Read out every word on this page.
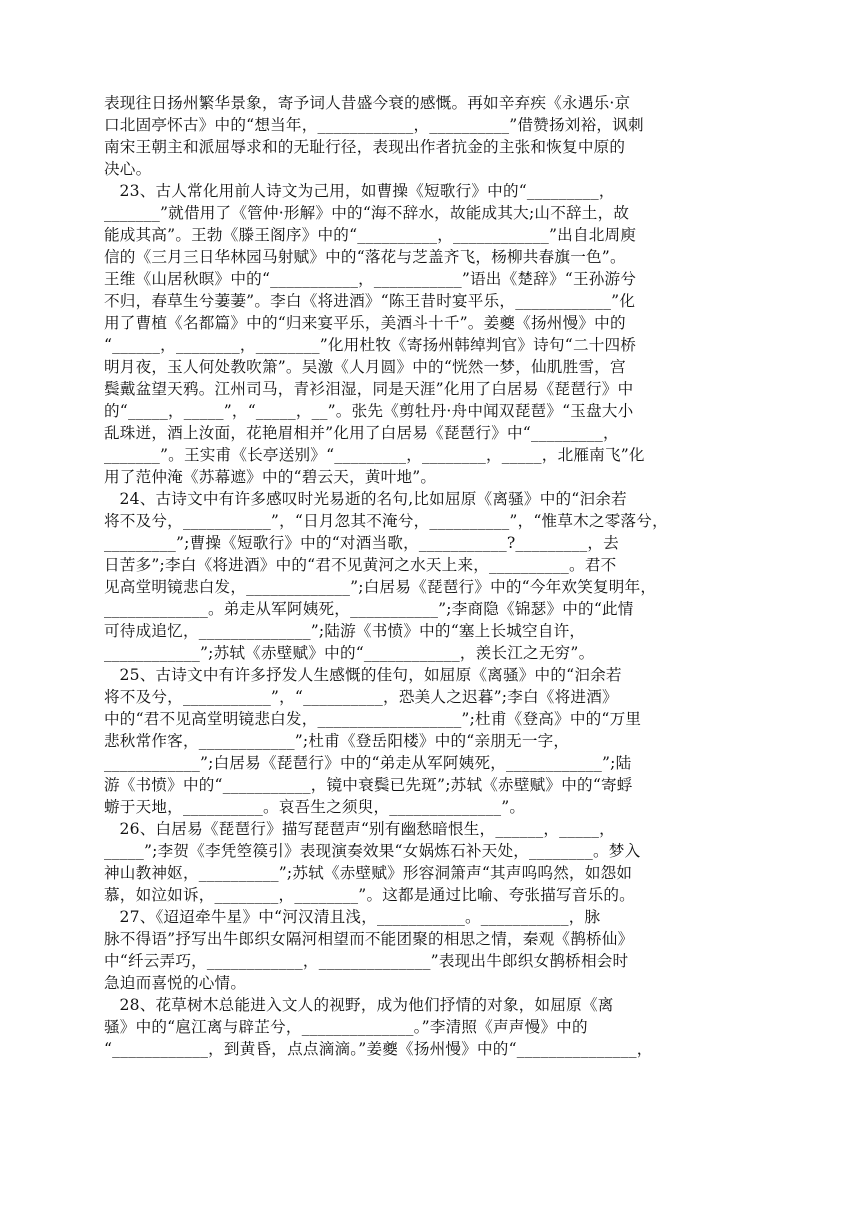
表现往日扬州繁华景象，寄予词人昔盛今衰的感慨。再如辛弃疾《永遇乐·京
口北固亭怀古》中的“想当年，____________，__________”借赞扬刘裕，讽刺
南宋王朝主和派屈辱求和的无耻行径，表现出作者抗金的主张和恢复中原的
决心。
23、古人常化用前人诗文为己用，如曹操《短歌行》中的“_________，
_______”就借用了《管仲·形解》中的“海不辞水，故能成其大;山不辞土，故
能成其高”。王勃《滕王阁序》中的“__________，____________”出自北周庾
信的《三月三日华林园马射赋》中的“落花与芝盖齐飞，杨柳共春旗一色”。
王维《山居秋暝》中的“___________，___________”语出《楚辞》“王孙游兮
不归，春草生兮萋萋”。李白《将进酒》“陈王昔时宴平乐，____________”化
用了曹植《名都篇》中的“归来宴平乐，美酒斗十千”。姜夔《扬州慢》中的
“______，________，________”化用杜牧《寄扬州韩绰判官》诗句“二十四桥
明月夜，玉人何处教吹箫”。吴激《人月圆》中的“恍然一梦，仙肌胜雪，宫
鬓戴盆望天鸦。江州司马，青衫泪湿，同是天涯”化用了白居易《琵琶行》中
的“_____，_____”，“_____，__”。张先《剪牡丹·舟中闻双琵琶》“玉盘大小
乱珠迸，酒上汝面，花艳眉相并”化用了白居易《琵琶行》中“_________，
_______”。王实甫《长亭送别》“_________，________，_____，北雁南飞”化
用了范仲淹《苏幕遮》中的“碧云天，黄叶地”。
24、古诗文中有许多感叹时光易逝的名句,比如屈原《离骚》中的“汩余若
将不及兮，___________”，“日月忽其不淹兮，__________”，“惟草木之零落兮，
_________”;曹操《短歌行》中的“对酒当歌，___________?_________，去
日苦多”;李白《将进酒》中的“君不见黄河之水天上来，__________。君不
见高堂明镜悲白发，_____________”;白居易《琵琶行》中的“今年欢笑复明年，
_____________。弟走从军阿姨死，___________”;李商隐《锦瑟》中的“此情
可待成追忆，______________”;陆游《书愤》中的“塞上长城空自许，
____________”;苏轼《赤壁赋》中的“____________，羡长江之无穷”。
25、古诗文中有许多抒发人生感慨的佳句，如屈原《离骚》中的“汩余若
将不及兮，___________”，“__________，恐美人之迟暮”;李白《将进酒》
中的“君不见高堂明镜悲白发，__________________”;杜甫《登高》中的“万里
悲秋常作客，____________”;杜甫《登岳阳楼》中的“亲朋无一字，
____________”;白居易《琵琶行》中的“弟走从军阿姨死，____________”;陆
游《书愤》中的“___________，镜中衰鬓已先斑”;苏轼《赤壁赋》中的“寄蜉
蝣于天地，__________。哀吾生之须臾，______________”。
26、白居易《琵琶行》描写琵琶声“别有幽愁暗恨生，______，_____，
_____”;李贺《李凭箜篌引》表现演奏效果“女娲炼石补天处，________。梦入
神山教神妪，__________”;苏轼《赤壁赋》形容洞箫声“其声呜呜然，如怨如
慕，如泣如诉，________，________”。这都是通过比喻、夸张描写音乐的。
27、《迢迢牵牛星》中“河汉清且浅，___________。___________，脉
脉不得语”抒写出牛郎织女隔河相望而不能团聚的相思之情，秦观《鹊桥仙》
中“纤云弄巧，____________，______________”表现出牛郎织女鹊桥相会时
急迫而喜悦的心情。
28、花草树木总能进入文人的视野，成为他们抒情的对象，如屈原《离
骚》中的“扈江离与辟芷兮，______________。”李清照《声声慢》中的
“____________，到黄昏，点点滴滴。”姜夔《扬州慢》中的“_______________，
